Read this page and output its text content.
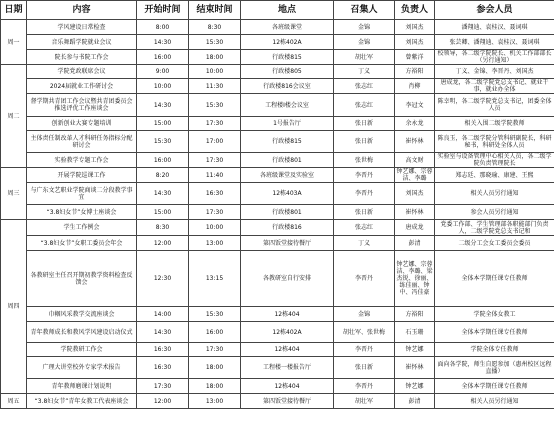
日期	内容	开始时间	结束时间	地点	召集人	负责人	参会人员
周一	学风建设日常检查	8:00	8:30	各班级课堂	金锦	刘国杰	潘翔迪、袁桂汉、聂词琪
	音乐舞蹈学院就业会议	14:30	15:30	12栋402A	金锦	刘国杰	张芸卿、潘翔迪、袁桂汉、聂词琪
	院长参与书院工作会	16:00	18:00	行政楼815	胡壮军	曾紫洋	校领导，各二级学院院长、机关工作部部长（另行通知）
周二	学院党政联席会议	9:00	10:00	行政楼805	丁义	方裕阳	丁义、金锦、李晋丹、刘国杰
	2024届就业工作研讨会	10:00	11:30	行政楼816会议室	张志红	肖柳	唐成龙，各二级学院党总支书记、就业干事，就业办全体
	督学期共青团工作会议暨共青团委员会推选评优工作座谈会	14:30	15:30	工程楼I楼会议室	张志红	李冠文	陈幸明，各二级学院党总支书记，团委全体人员
	创新创业大赛专题培训	15:00	17:30	1号报告厅	张日新	余永龙	相关入围二级学院教师
	主体责任制改革人才科研任务指标分配研讨会	15:30	17:00	行政楼815	张日新	崔怀林	陈良玉，各二级学院分管科研副院长，科研秘书，科研处全体人员
	实验教学专题工作会	16:00	17:30	行政楼801	张世梅	高文财	实验室与设备管理中心相关人员，各二级学院负责管理院长
周三	开展学院巡课工作	8:20	11:40	各班级课堂及实验室	李晋丹	钟艺娜、宗蓉洁、李璐	郑志廷、那晓瑜、康建、王熙
	与广东文艺职业学院商谈二分段教学事宜	14:30	16:30	12栋403A	李晋丹	刘国杰	相关人员另行通知
	“3.8妇女节”女博士座谈会	15:00	17:30	行政楼801	张日新	崔怀林	参会人员另行通知
周四	学生工作例会	8:30	10:00	行政楼816	张志红	唐成龙	党委工作部、学生管理部各职能部门负责人，二级学院党总支书记和
	“3.8妇女节”女职工委员会年会	12:00	13:00	第四饭堂接待餐厅	丁义	彭清	二级分工会女工委员会委员
	各教研室主任召开期初教学资料检查反馈会	12:30	13:15	各教研室自行安排	李晋丹	钟艺娜、宗蓉洁、李璐、梁杰锐、徐丽、练佳丽、钟中、冯佳豪	全体本学期任课专任教师
	巾帼风采教学交流座谈会	14:00	15:30	12栋404	金锦	方裕阳	学院全体女教工
	青年教师成长和教风学风建设启动仪式	14:30	16:00	12栋402A	胡壮军、张世梅	石玉珊	全体本学期任课专任教师
	学院教研工作会	16:30	17:30	12栋404	李晋丹	钟艺娜	学院全体专任教师
	广理大讲堂校外专家学术报告	16:30	18:00	工程楼一楼报告厅	张日新	崔怀林	面向各学院，师生自愿参加（惠州校区远程直播）
	青年教师磨课计划说明	17:30	18:00	12栋404	李晋丹	钟艺娜	全体本学期任课专任教师
周五	“3.8妇女节”青年女教工代表座谈会	12:00	13:00	第四饭堂接待餐厅	胡壮军	彭清	相关人员另行通知
